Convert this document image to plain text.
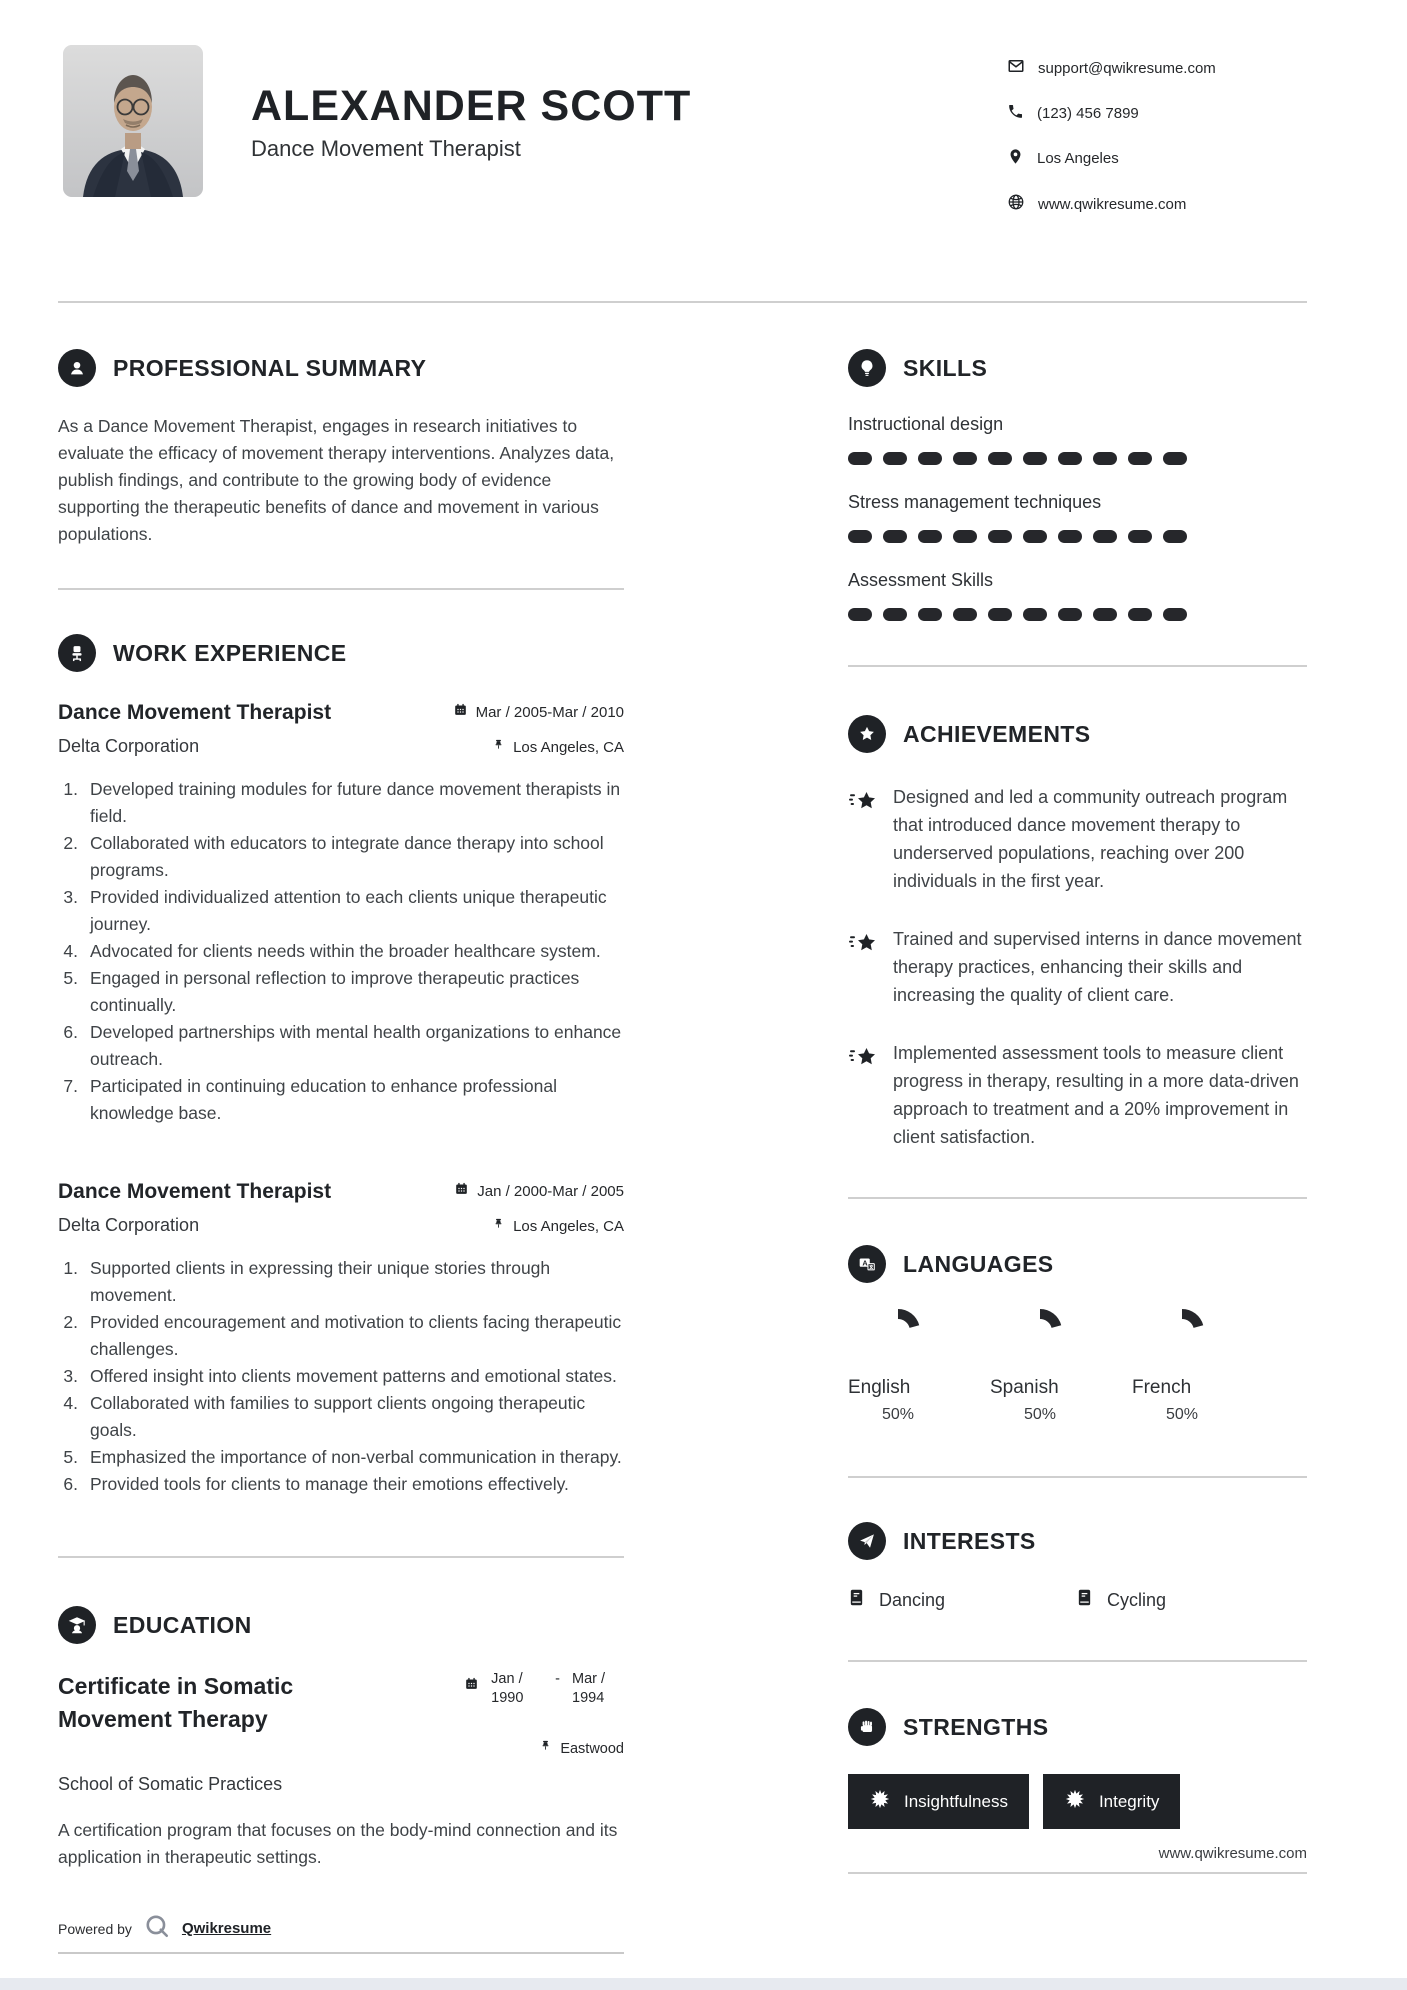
ALEXANDER SCOTT
Dance Movement Therapist
support@qwikresume.com
(123) 456 7899
Los Angeles
www.qwikresume.com
PROFESSIONAL SUMMARY

As a Dance Movement Therapist, engages in research initiatives to evaluate the efficacy of movement therapy interventions. Analyzes data, publish findings, and contribute to the growing body of evidence supporting the therapeutic benefits of dance and movement in various populations.

WORK EXPERIENCE
Dance Movement Therapist
Delta Corporation
Mar / 2005-Mar / 2010
Los Angeles, CA
Developed training modules for future dance movement therapists in field.
Collaborated with educators to integrate dance therapy into school programs.
Provided individualized attention to each clients unique therapeutic journey.
Advocated for clients needs within the broader healthcare system.
Engaged in personal reflection to improve therapeutic practices continually.
Developed partnerships with mental health organizations to enhance outreach.
Participated in continuing education to enhance professional knowledge base.
Dance Movement Therapist
Delta Corporation
Jan / 2000-Mar / 2005
Los Angeles, CA
Supported clients in expressing their unique stories through movement.
Provided encouragement and motivation to clients facing therapeutic challenges.
Offered insight into clients movement patterns and emotional states.
Collaborated with families to support clients ongoing therapeutic goals.
Emphasized the importance of non-verbal communication in therapy.
Provided tools for clients to manage their emotions effectively.
EDUCATION
Certificate in Somatic Movement Therapy
Jan / 1990
- Mar / 1994
Eastwood
School of Somatic Practices

A certification program that focuses on the body-mind connection and its application in therapeutic settings.

Powered by	Qwikresume
SKILLS
Instructional design
Stress management techniques
Assessment Skills
ACHIEVEMENTS
Designed and led a community outreach program that introduced dance movement therapy to underserved populations, reaching over 200 individuals in the first year.
Trained and supervised interns in dance movement therapy practices, enhancing their skills and increasing the quality of client care.
Implemented assessment tools to measure client progress in therapy, resulting in a more data-driven approach to treatment and a 20% improvement in client satisfaction.
A LANGUAGES
English
50%
Spanish
50%
French
50%
INTERESTS
Dancing	Cycling
STRENGTHS
Insightfulness	Integrity
www.qwikresume.com
